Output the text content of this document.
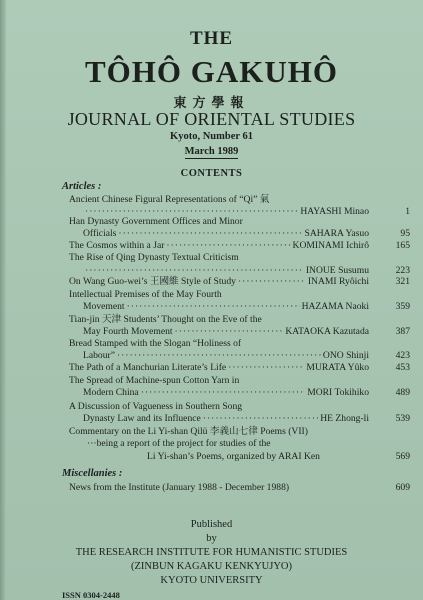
THE
TÔHÔ GAKUHÔ
東方學報
JOURNAL OF ORIENTAL STUDIES
Kyoto, Number 61
March 1989
CONTENTS
Articles :
Ancient Chinese Figural Representations of “Qi” 氣
·····
HAYASHI Minao	1
Han Dynasty Government Offices and Minor
Officials ·····	SAHARA Yasuo	95
The Cosmos within a Jar ·····	KOMINAMI Ichirô	165
The Rise of Qing Dynasty Textual Criticism
·····
INOUE Susumu	223
On Wang Guo-wei’s 王國維 Style of Study ·····	INAMI Ryôichi	321
Intellectual Premises of the May Fourth
Movement ·····	HAZAMA Naoki	359
Tian-jin 天津 Students’ Thought on the Eve of the
May Fourth Movement ·····	KATAOKA Kazutada	387
Bread Stamped with the Slogan “Holiness of
Labour” ·····	ONO Shinji	423
The Path of a Manchurian Literate’s Life ·····	MURATA Yûko	453
The Spread of Machine-spun Cotton Yarn in
Modern China ·····	MORI Tokihiko	489
A Discussion of Vagueness in Southern Song
Dynasty Law and its Influence ·····	HE Zhong-li	539
Commentary on the Li Yi-shan Qilü 李義山七律 Poems (VII)
···being a report of the project for studies of the
Li Yi-shan’s Poems, organized by ARAI Ken	569
Miscellanies :
News from the Institute (January 1988 - December 1988)	609
Published
by
THE RESEARCH INSTITUTE FOR HUMANISTIC STUDIES
(ZINBUN KAGAKU KENKYUJYO)
KYOTO UNIVERSITY
ISSN 0304-2448
